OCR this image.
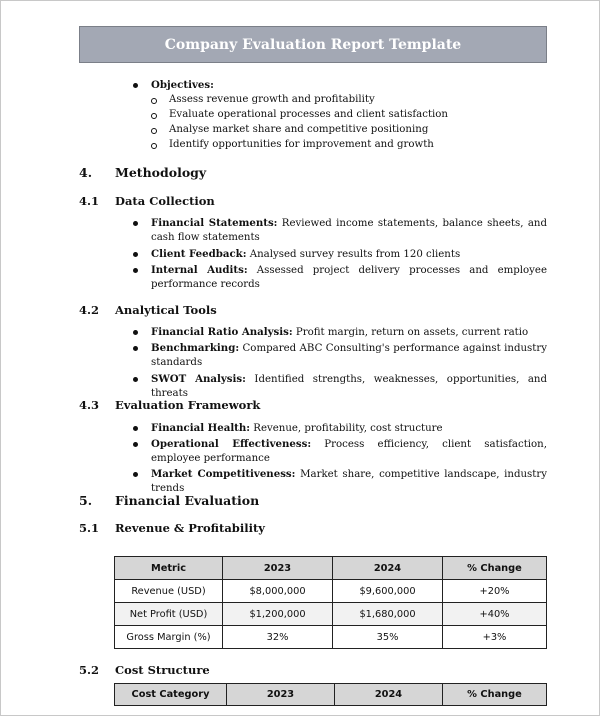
Company Evaluation Report Template
Objectives:
Assess revenue growth and profitability
Evaluate operational processes and client satisfaction
Analyse market share and competitive positioning
Identify opportunities for improvement and growth
4. Methodology
4.1 Data Collection
Financial Statements: Reviewed income statements, balance sheets, and cash flow statements
Client Feedback: Analysed survey results from 120 clients
Internal Audits: Assessed project delivery processes and employee performance records
4.2 Analytical Tools
Financial Ratio Analysis: Profit margin, return on assets, current ratio
Benchmarking: Compared ABC Consulting's performance against industry standards
SWOT Analysis: Identified strengths, weaknesses, opportunities, and threats
4.3 Evaluation Framework
Financial Health: Revenue, profitability, cost structure
Operational Effectiveness: Process efficiency, client satisfaction, employee performance
Market Competitiveness: Market share, competitive landscape, industry trends
5. Financial Evaluation
5.1 Revenue & Profitability
Metric	2023	2024	% Change
Revenue (USD)	$8,000,000	$9,600,000	+20%
Net Profit (USD)	$1,200,000	$1,680,000	+40%
Gross Margin (%)	32%	35%	+3%
5.2 Cost Structure
Cost Category	2023	2024	% Change
